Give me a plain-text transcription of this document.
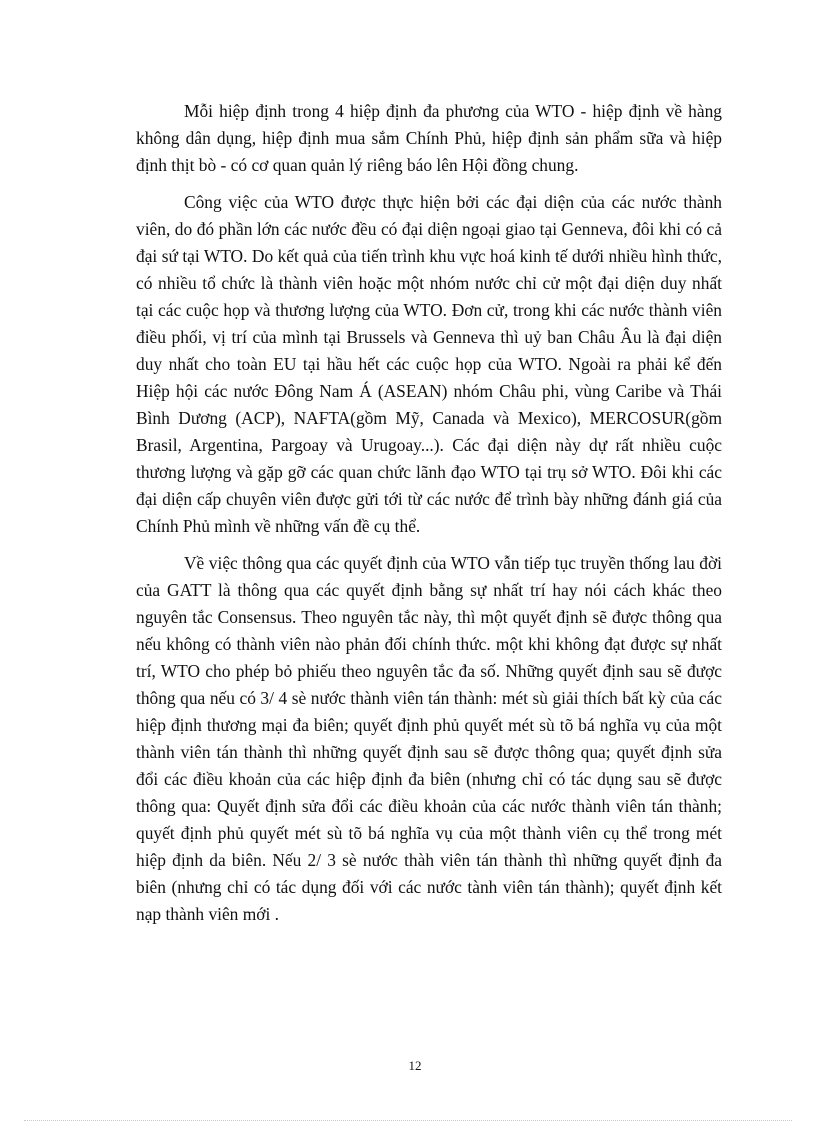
Mỗi hiệp định trong 4 hiệp định đa phương của WTO - hiệp định về hàng không dân dụng, hiệp định mua sắm Chính Phủ, hiệp định sản phẩm sữa và hiệp định thịt bò - có cơ quan quản lý riêng báo lên Hội đồng chung.

Công việc của WTO được thực hiện bởi các đại diện của các nước thành viên, do đó phần lớn các nước đều có đại diện ngoại giao tại Genneva, đôi khi có cả đại sứ tại WTO. Do kết quả của tiến trình khu vực hoá kinh tế dưới nhiều hình thức, có nhiều tổ chức là thành viên hoặc một nhóm nước chỉ cử một đại diện duy nhất tại các cuộc họp và thương lượng của WTO. Đơn cử, trong khi các nước thành viên điều phối, vị trí của mình tại Brussels và Genneva thì uỷ ban Châu Âu là đại diện duy nhất cho toàn EU tại hầu hết các cuộc họp của WTO. Ngoài ra phải kể đến Hiệp hội các nước Đông Nam Á (ASEAN) nhóm Châu phi, vùng Caribe và Thái Bình Dương (ACP), NAFTA(gồm Mỹ, Canada và Mexico), MERCOSUR(gồm Brasil, Argentina, Pargoay và Urugoay...). Các đại diện này dự rất nhiều cuộc thương lượng và gặp gỡ các quan chức lãnh đạo WTO tại trụ sở WTO. Đôi khi các đại diện cấp chuyên viên được gửi tới từ các nước để trình bày những đánh giá của Chính Phủ mình về những vấn đề cụ thể.

Về việc thông qua các quyết định của WTO vẫn tiếp tục truyền thống lau đời của GATT là thông qua các quyết định bằng sự nhất trí hay nói cách khác theo nguyên tắc Consensus. Theo nguyên tắc này, thì một quyết định sẽ được thông qua nếu không có thành viên nào phản đối chính thức. một khi không đạt được sự nhất trí, WTO cho phép bỏ phiếu theo nguyên tắc đa số. Những quyết định sau sẽ được thông qua nếu có 3/ 4 sè nước thành viên tán thành: mét sù giải thích bất kỳ của các hiệp định thương mại đa biên; quyết định phủ quyết mét sù tõ bá nghĩa vụ của một thành viên tán thành thì những quyết định sau sẽ được thông qua; quyết định sửa đổi các điều khoản của các hiệp định đa biên (nhưng chỉ có tác dụng sau sẽ được thông qua: Quyết định sửa đổi các điều khoản của các nước thành viên tán thành; quyết định phủ quyết mét sù tõ bá nghĩa vụ của một thành viên cụ thể trong mét hiệp định da biên. Nếu 2/ 3 sè nước thàh viên tán thành thì những quyết định đa biên (nhưng chỉ có tác dụng đối với các nước tành viên tán thành); quyết định kết nạp thành viên mới .

12
